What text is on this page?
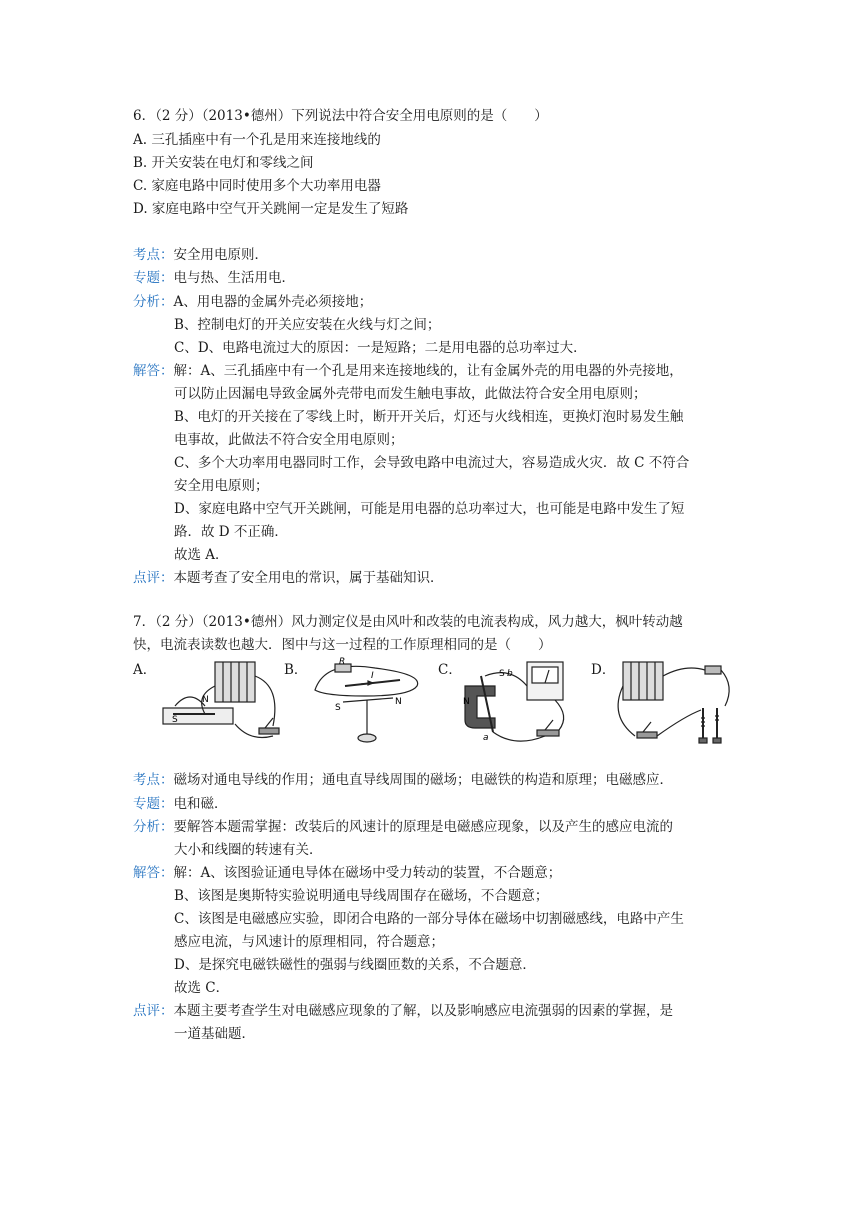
6．（2 分）（2013•德州）下列说法中符合安全用电原则的是（　　）
A. 三孔插座中有一个孔是用来连接地线的
B. 开关安装在电灯和零线之间
C. 家庭电路中同时使用多个大功率用电器
D. 家庭电路中空气开关跳闸一定是发生了短路
考点：安全用电原则．
专题：电与热、生活用电．
分析：A、用电器的金属外壳必须接地；
B、控制电灯的开关应安装在火线与灯之间；
C、D、电路电流过大的原因：一是短路；二是用电器的总功率过大．
解答：解：A、三孔插座中有一个孔是用来连接地线的，让有金属外壳的用电器的外壳接地，
可以防止因漏电导致金属外壳带电而发生触电事故，此做法符合安全用电原则；
B、电灯的开关接在了零线上时，断开开关后，灯还与火线相连，更换灯泡时易发生触
电事故，此做法不符合安全用电原则；
C、多个大功率用电器同时工作，会导致电路中电流过大，容易造成火灾．故 C 不符合
安全用电原则；
D、家庭电路中空气开关跳闸，可能是用电器的总功率过大，也可能是电路中发生了短
路．故 D 不正确．
故选 A．
点评：本题考查了安全用电的常识，属于基础知识．
7．（2 分）（2013•德州）风力测定仪是由风叶和改装的电流表构成，风力越大，枫叶转动越
快，电流表读数也越大．图中与这一过程的工作原理相同的是（　　）
A．	B．	C．	D．
N
S
R
I
S
N
S b
N
a
考点：磁场对通电导线的作用；通电直导线周围的磁场；电磁铁的构造和原理；电磁感应．
专题：电和磁．
分析：要解答本题需掌握：改装后的风速计的原理是电磁感应现象，以及产生的感应电流的
大小和线圈的转速有关．
解答：解：A、该图验证通电导体在磁场中受力转动的装置，不合题意；
B、该图是奥斯特实验说明通电导线周围存在磁场，不合题意；
C、该图是电磁感应实验，即闭合电路的一部分导体在磁场中切割磁感线，电路中产生
感应电流，与风速计的原理相同，符合题意；
D、是探究电磁铁磁性的强弱与线圈匝数的关系，不合题意．
故选 C．
点评：本题主要考查学生对电磁感应现象的了解，以及影响感应电流强弱的因素的掌握，是
一道基础题．
